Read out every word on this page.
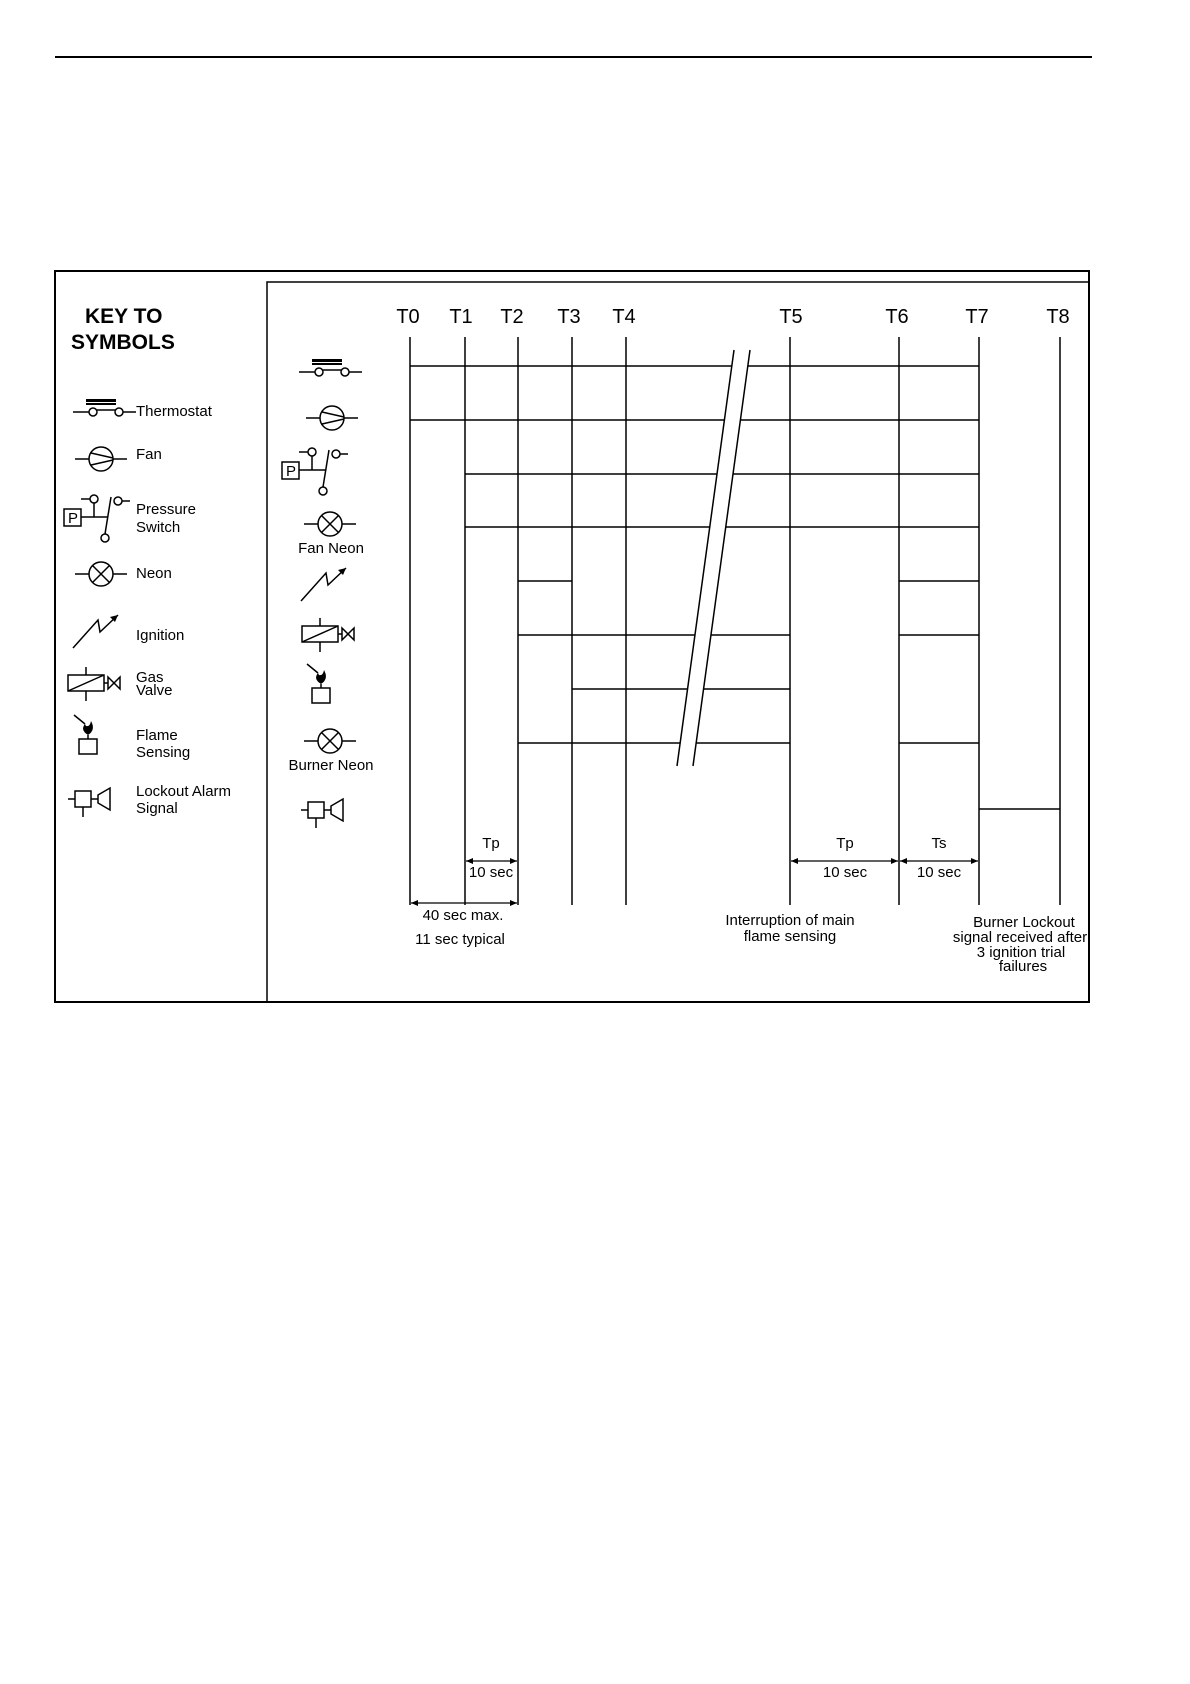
KEY TO
SYMBOLS
Thermostat
Fan
Pressure
Switch
Neon
Ignition
Gas
Valve
Flame
Sensing
Lockout Alarm
Signal
T0 T1 T2 T3 T4	T5	T6	T7	T8
Fan Neon
Burner Neon
Tp
10 sec
Tp
10 sec
Ts
10 sec
40 sec max.
11 sec typical
Interruption of main
flame sensing
Burner Lockout
signal received after
3 ignition trial
failures
